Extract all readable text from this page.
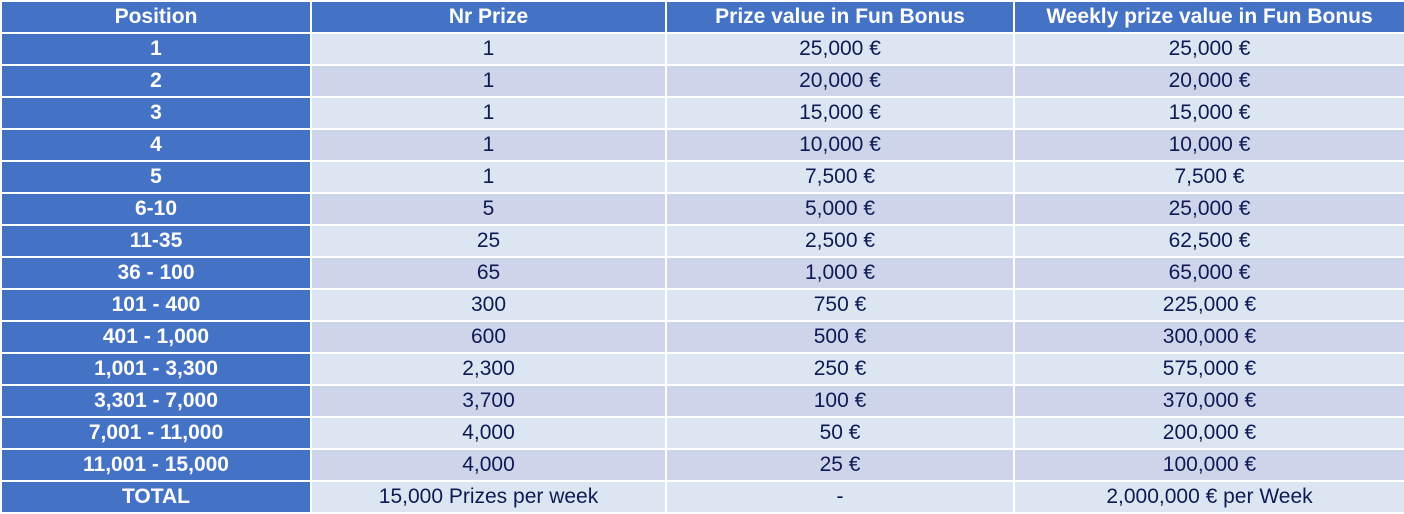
Position	Nr Prize	Prize value in Fun Bonus	Weekly prize value in Fun Bonus
1	1	25,000 €	25,000 €
2	1	20,000 €	20,000 €
3	1	15,000 €	15,000 €
4	1	10,000 €	10,000 €
5	1	7,500 €	7,500 €
6-10	5	5,000 €	25,000 €
11-35	25	2,500 €	62,500 €
36 - 100	65	1,000 €	65,000 €
101 - 400	300	750 €	225,000 €
401 - 1,000	600	500 €	300,000 €
1,001 - 3,300	2,300	250 €	575,000 €
3,301 - 7,000	3,700	100 €	370,000 €
7,001 - 11,000	4,000	50 €	200,000 €
11,001 - 15,000	4,000	25 €	100,000 €
TOTAL	15,000 Prizes per week	-	2,000,000 € per Week
